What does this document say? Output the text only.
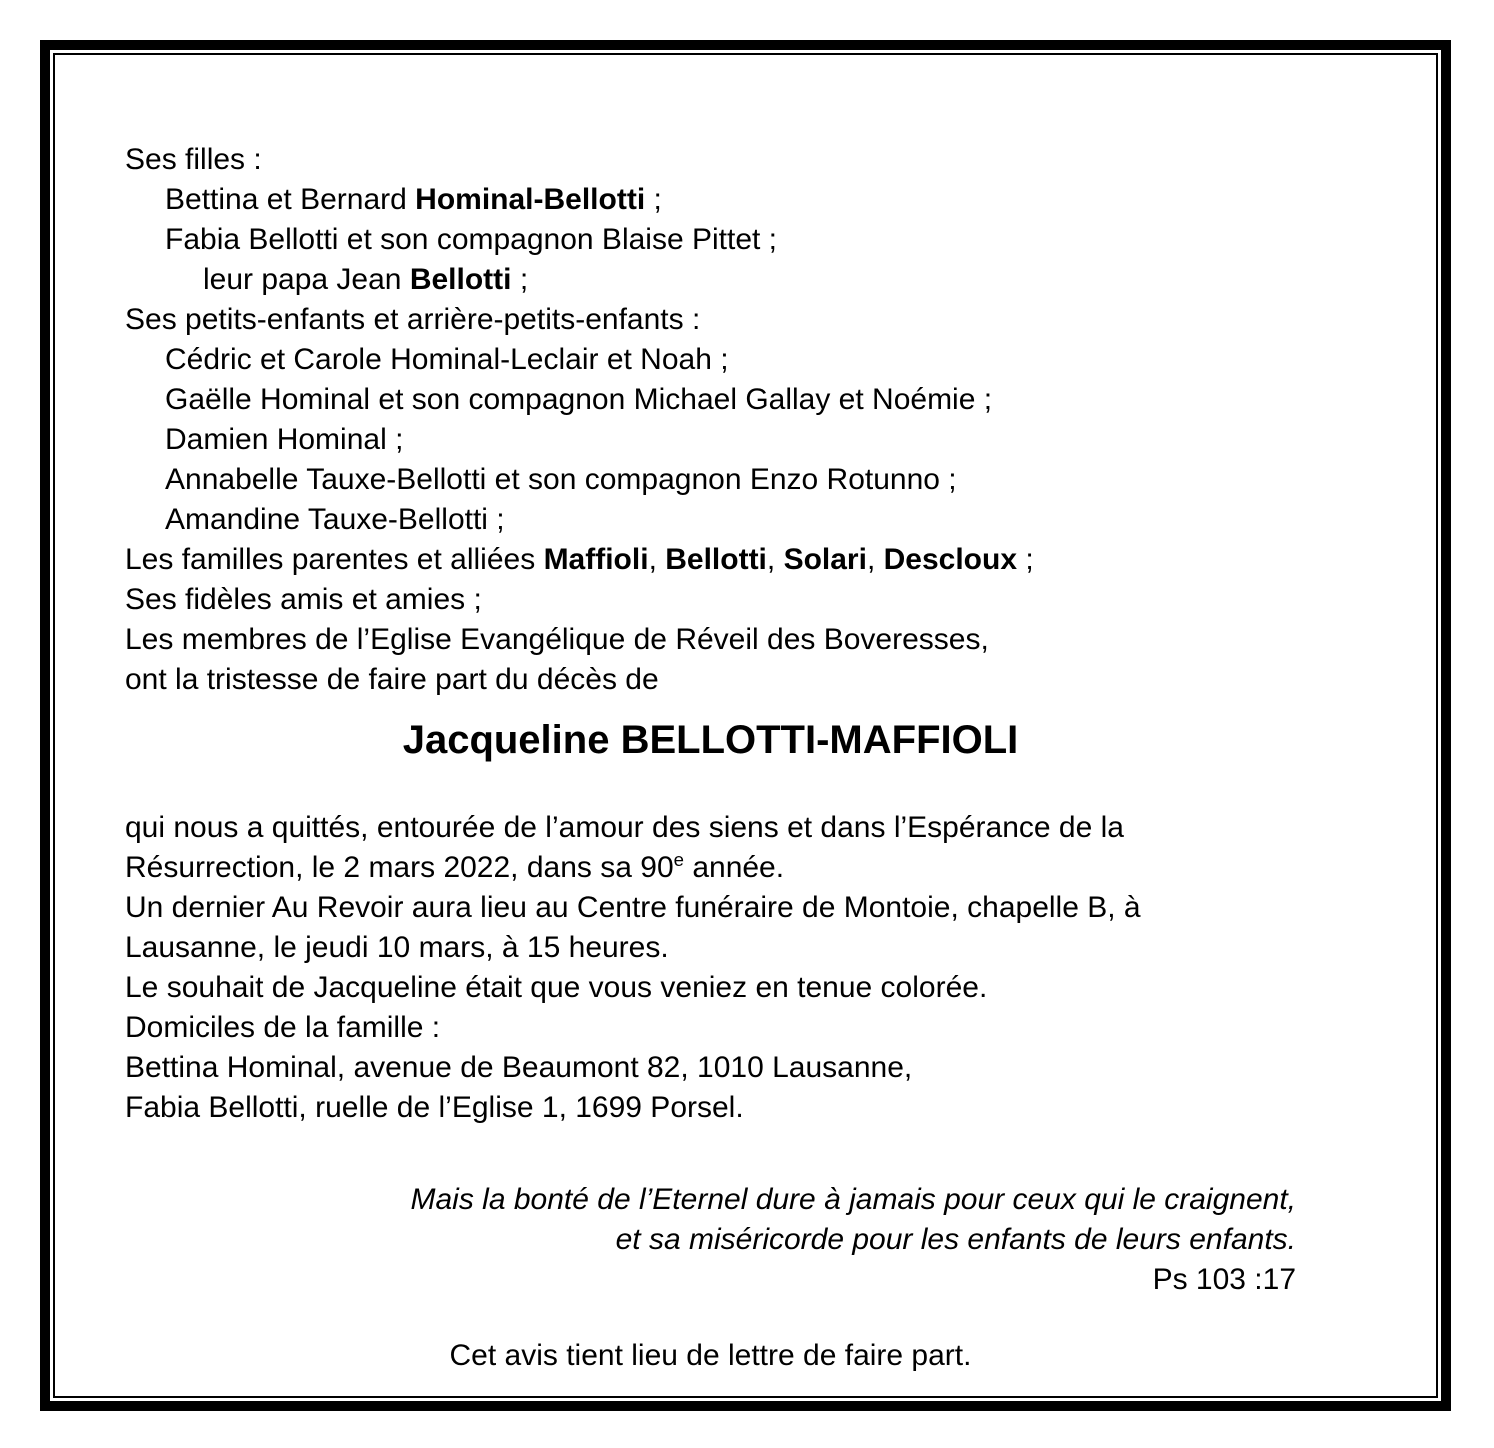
Ses filles :
Bettina et Bernard Hominal-Bellotti ;
Fabia Bellotti et son compagnon Blaise Pittet ;
leur papa Jean Bellotti ;
Ses petits-enfants et arrière-petits-enfants :
Cédric et Carole Hominal-Leclair et Noah ;
Gaëlle Hominal et son compagnon Michael Gallay et Noémie ;
Damien Hominal ;
Annabelle Tauxe-Bellotti et son compagnon Enzo Rotunno ;
Amandine Tauxe-Bellotti ;
Les familles parentes et alliées Maffioli, Bellotti, Solari, Descloux ;
Ses fidèles amis et amies ;
Les membres de l’Eglise Evangélique de Réveil des Boveresses,
ont la tristesse de faire part du décès de
Jacqueline BELLOTTI-MAFFIOLI
qui nous a quittés, entourée de l’amour des siens et dans l’Espérance de la
Résurrection, le 2 mars 2022, dans sa 90e année.
Un dernier Au Revoir aura lieu au Centre funéraire de Montoie, chapelle B, à
Lausanne, le jeudi 10 mars, à 15 heures.
Le souhait de Jacqueline était que vous veniez en tenue colorée.
Domiciles de la famille :
Bettina Hominal, avenue de Beaumont 82, 1010 Lausanne,
Fabia Bellotti, ruelle de l’Eglise 1, 1699 Porsel.
Mais la bonté de l’Eternel dure à jamais pour ceux qui le craignent,
et sa miséricorde pour les enfants de leurs enfants.
Ps 103 :17
Cet avis tient lieu de lettre de faire part.
